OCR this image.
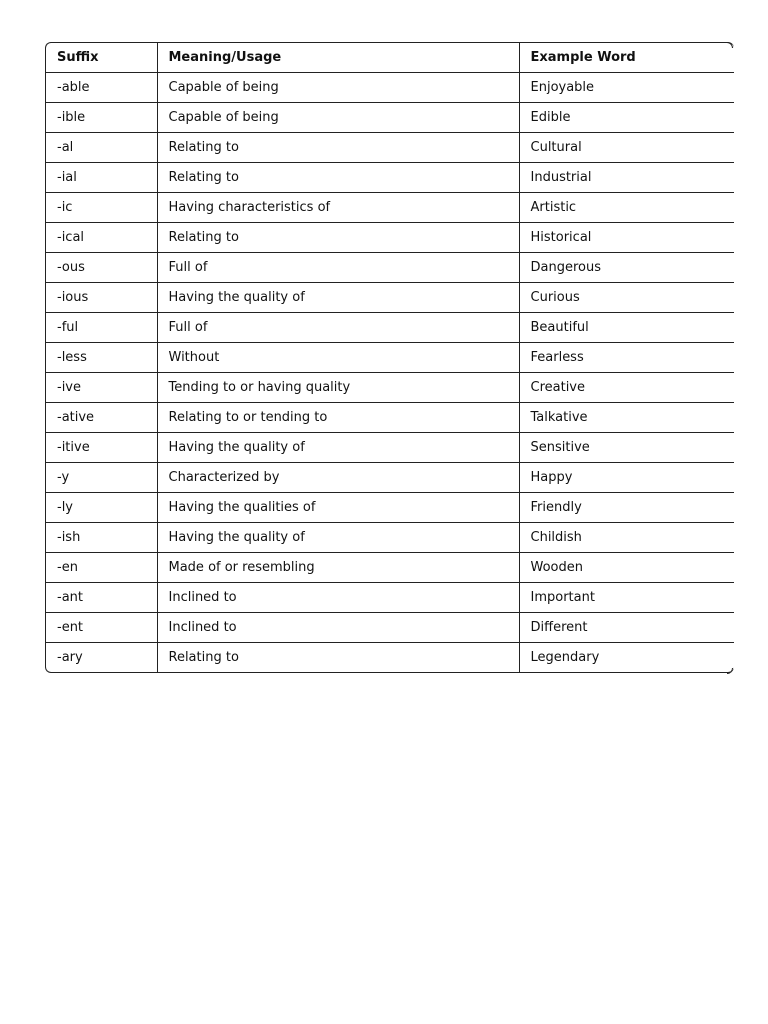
Suffix	Meaning/Usage	Example Word
-able	Capable of being	Enjoyable
-ible	Capable of being	Edible
-al	Relating to	Cultural
-ial	Relating to	Industrial
-ic	Having characteristics of	Artistic
-ical	Relating to	Historical
-ous	Full of	Dangerous
-ious	Having the quality of	Curious
-ful	Full of	Beautiful
-less	Without	Fearless
-ive	Tending to or having quality	Creative
-ative	Relating to or tending to	Talkative
-itive	Having the quality of	Sensitive
-y	Characterized by	Happy
-ly	Having the qualities of	Friendly
-ish	Having the quality of	Childish
-en	Made of or resembling	Wooden
-ant	Inclined to	Important
-ent	Inclined to	Different
-ary	Relating to	Legendary
